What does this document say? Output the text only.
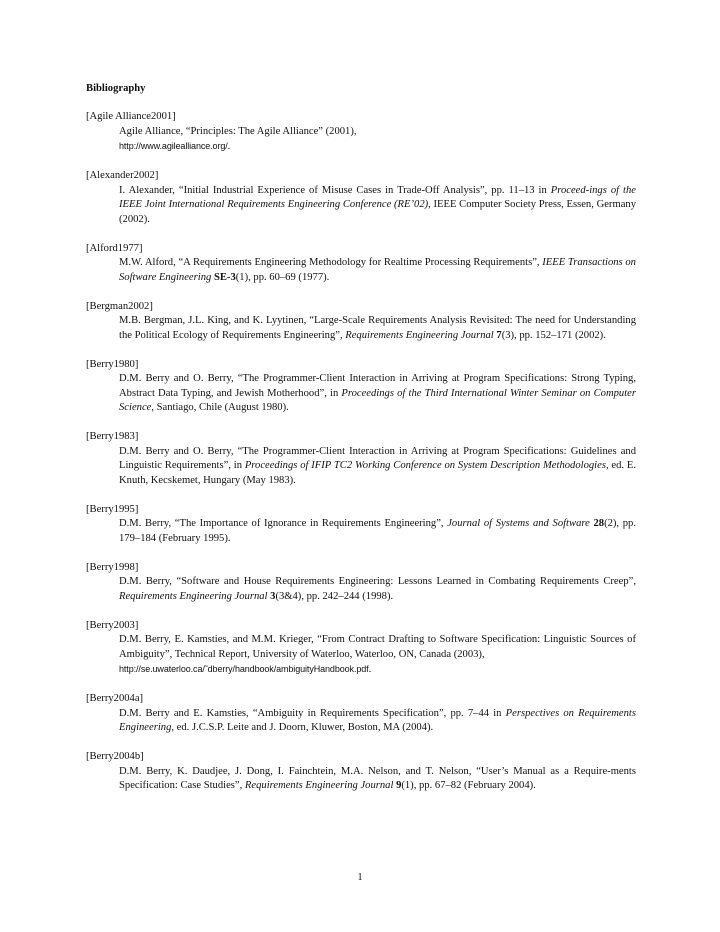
Bibliography
[Agile Alliance2001]
Agile Alliance, “Principles: The Agile Alliance” (2001),
http://www.agilealliance.org/.
[Alexander2002]
I. Alexander, “Initial Industrial Experience of Misuse Cases in Trade-Off Analysis”, pp. 11–13 in Proceed-ings of the IEEE Joint International Requirements Engineering Conference (RE’02), IEEE Computer Society Press, Essen, Germany (2002).
[Alford1977]
M.W. Alford, “A Requirements Engineering Methodology for Realtime Processing Requirements”, IEEE Transactions on Software Engineering SE-3(1), pp. 60–69 (1977).
[Bergman2002]
M.B. Bergman, J.L. King, and K. Lyytinen, “Large-Scale Requirements Analysis Revisited: The need for Understanding the Political Ecology of Requirements Engineering”, Requirements Engineering Journal 7(3), pp. 152–171 (2002).
[Berry1980]
D.M. Berry and O. Berry, “The Programmer-Client Interaction in Arriving at Program Specifications: Strong Typing, Abstract Data Typing, and Jewish Motherhood”, in Proceedings of the Third International Winter Seminar on Computer Science, Santiago, Chile (August 1980).
[Berry1983]
D.M. Berry and O. Berry, “The Programmer-Client Interaction in Arriving at Program Specifications: Guidelines and Linguistic Requirements”, in Proceedings of IFIP TC2 Working Conference on System Description Methodologies, ed. E. Knuth, Kecskemet, Hungary (May 1983).
[Berry1995]
D.M. Berry, “The Importance of Ignorance in Requirements Engineering”, Journal of Systems and Software 28(2), pp. 179–184 (February 1995).
[Berry1998]
D.M. Berry, “Software and House Requirements Engineering: Lessons Learned in Combating Requirements Creep”, Requirements Engineering Journal 3(3&4), pp. 242–244 (1998).
[Berry2003]
D.M. Berry, E. Kamsties, and M.M. Krieger, “From Contract Drafting to Software Specification: Linguistic Sources of Ambiguity”, Technical Report, University of Waterloo, Waterloo, ON, Canada (2003),
http://se.uwaterloo.ca/˜dberry/handbook/ambiguityHandbook.pdf.
[Berry2004a]
D.M. Berry and E. Kamsties, “Ambiguity in Requirements Specification”, pp. 7–44 in Perspectives on Requirements Engineering, ed. J.C.S.P. Leite and J. Doorn, Kluwer, Boston, MA (2004).
[Berry2004b]
D.M. Berry, K. Daudjee, J. Dong, I. Fainchtein, M.A. Nelson, and T. Nelson, “User’s Manual as a Require-ments Specification: Case Studies”, Requirements Engineering Journal 9(1), pp. 67–82 (February 2004).
1
